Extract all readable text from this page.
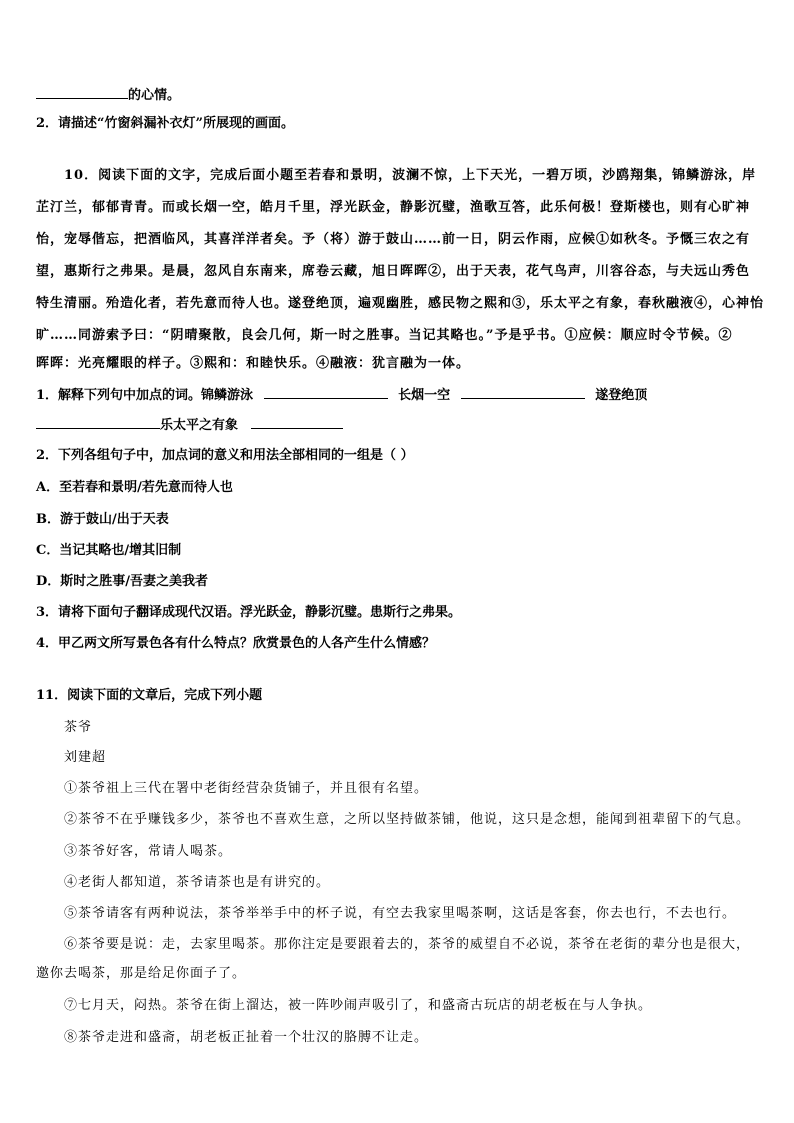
的心情。
2．请描述“竹窗斜漏补衣灯”所展现的画面。
10．阅读下面的文字，完成后面小题至若春和景明，波澜不惊，上下天光，一碧万顷，沙鸥翔集，锦鳞游泳，岸
芷汀兰，郁郁青青。而或长烟一空，皓月千里，浮光跃金，静影沉璧，渔歌互答，此乐何极！登斯楼也，则有心旷神
怡，宠辱偕忘，把酒临风，其喜洋洋者矣。予（将）游于鼓山……前一日，阴云作雨，应候①如秋冬。予慨三农之有
望，惠斯行之弗果。是晨，忽风自东南来，席卷云藏，旭日晖晖②，出于天表，花气鸟声，川容谷态，与夫远山秀色
特生清丽。殆造化者，若先意而待人也。遂登绝顶，遍观幽胜，感民物之熙和③，乐太平之有象，春秋融液④，心神怡
旷……同游索予曰：“阴晴聚散，良会几何，斯一时之胜事。当记其略也。”予是乎书。①应候：顺应时令节候。②
晖晖：光亮耀眼的样子。③熙和：和睦快乐。④融液：犹言融为一体。
1．解释下列句中加点的词。锦鳞游泳	长烟一空	遂登绝顶
乐太平之有象
2．下列各组句子中，加点词的意义和用法全部相同的一组是（ ）
A．至若春和景明/若先意而待人也
B．游于鼓山/出于天表
C．当记其略也/增其旧制
D．斯时之胜事/吾妻之美我者
3．请将下面句子翻译成现代汉语。浮光跃金，静影沉璧。患斯行之弗果。
4．甲乙两文所写景色各有什么特点？欣赏景色的人各产生什么情感？
11．阅读下面的文章后，完成下列小题
茶爷
刘建超
①茶爷祖上三代在署中老街经营杂货铺子，并且很有名望。
②茶爷不在乎赚钱多少，茶爷也不喜欢生意，之所以坚持做茶铺，他说，这只是念想，能闻到祖辈留下的气息。
③茶爷好客，常请人喝茶。
④老街人都知道，茶爷请茶也是有讲究的。
⑤茶爷请客有两种说法，茶爷举举手中的杯子说，有空去我家里喝茶啊，这话是客套，你去也行，不去也行。
⑥茶爷要是说：走，去家里喝茶。那你注定是要跟着去的，茶爷的威望自不必说，茶爷在老街的辈分也是很大，
邀你去喝茶，那是给足你面子了。
⑦七月天，闷热。茶爷在街上溜达，被一阵吵闹声吸引了，和盛斋古玩店的胡老板在与人争执。
⑧茶爷走进和盛斋，胡老板正扯着一个壮汉的胳膊不让走。
